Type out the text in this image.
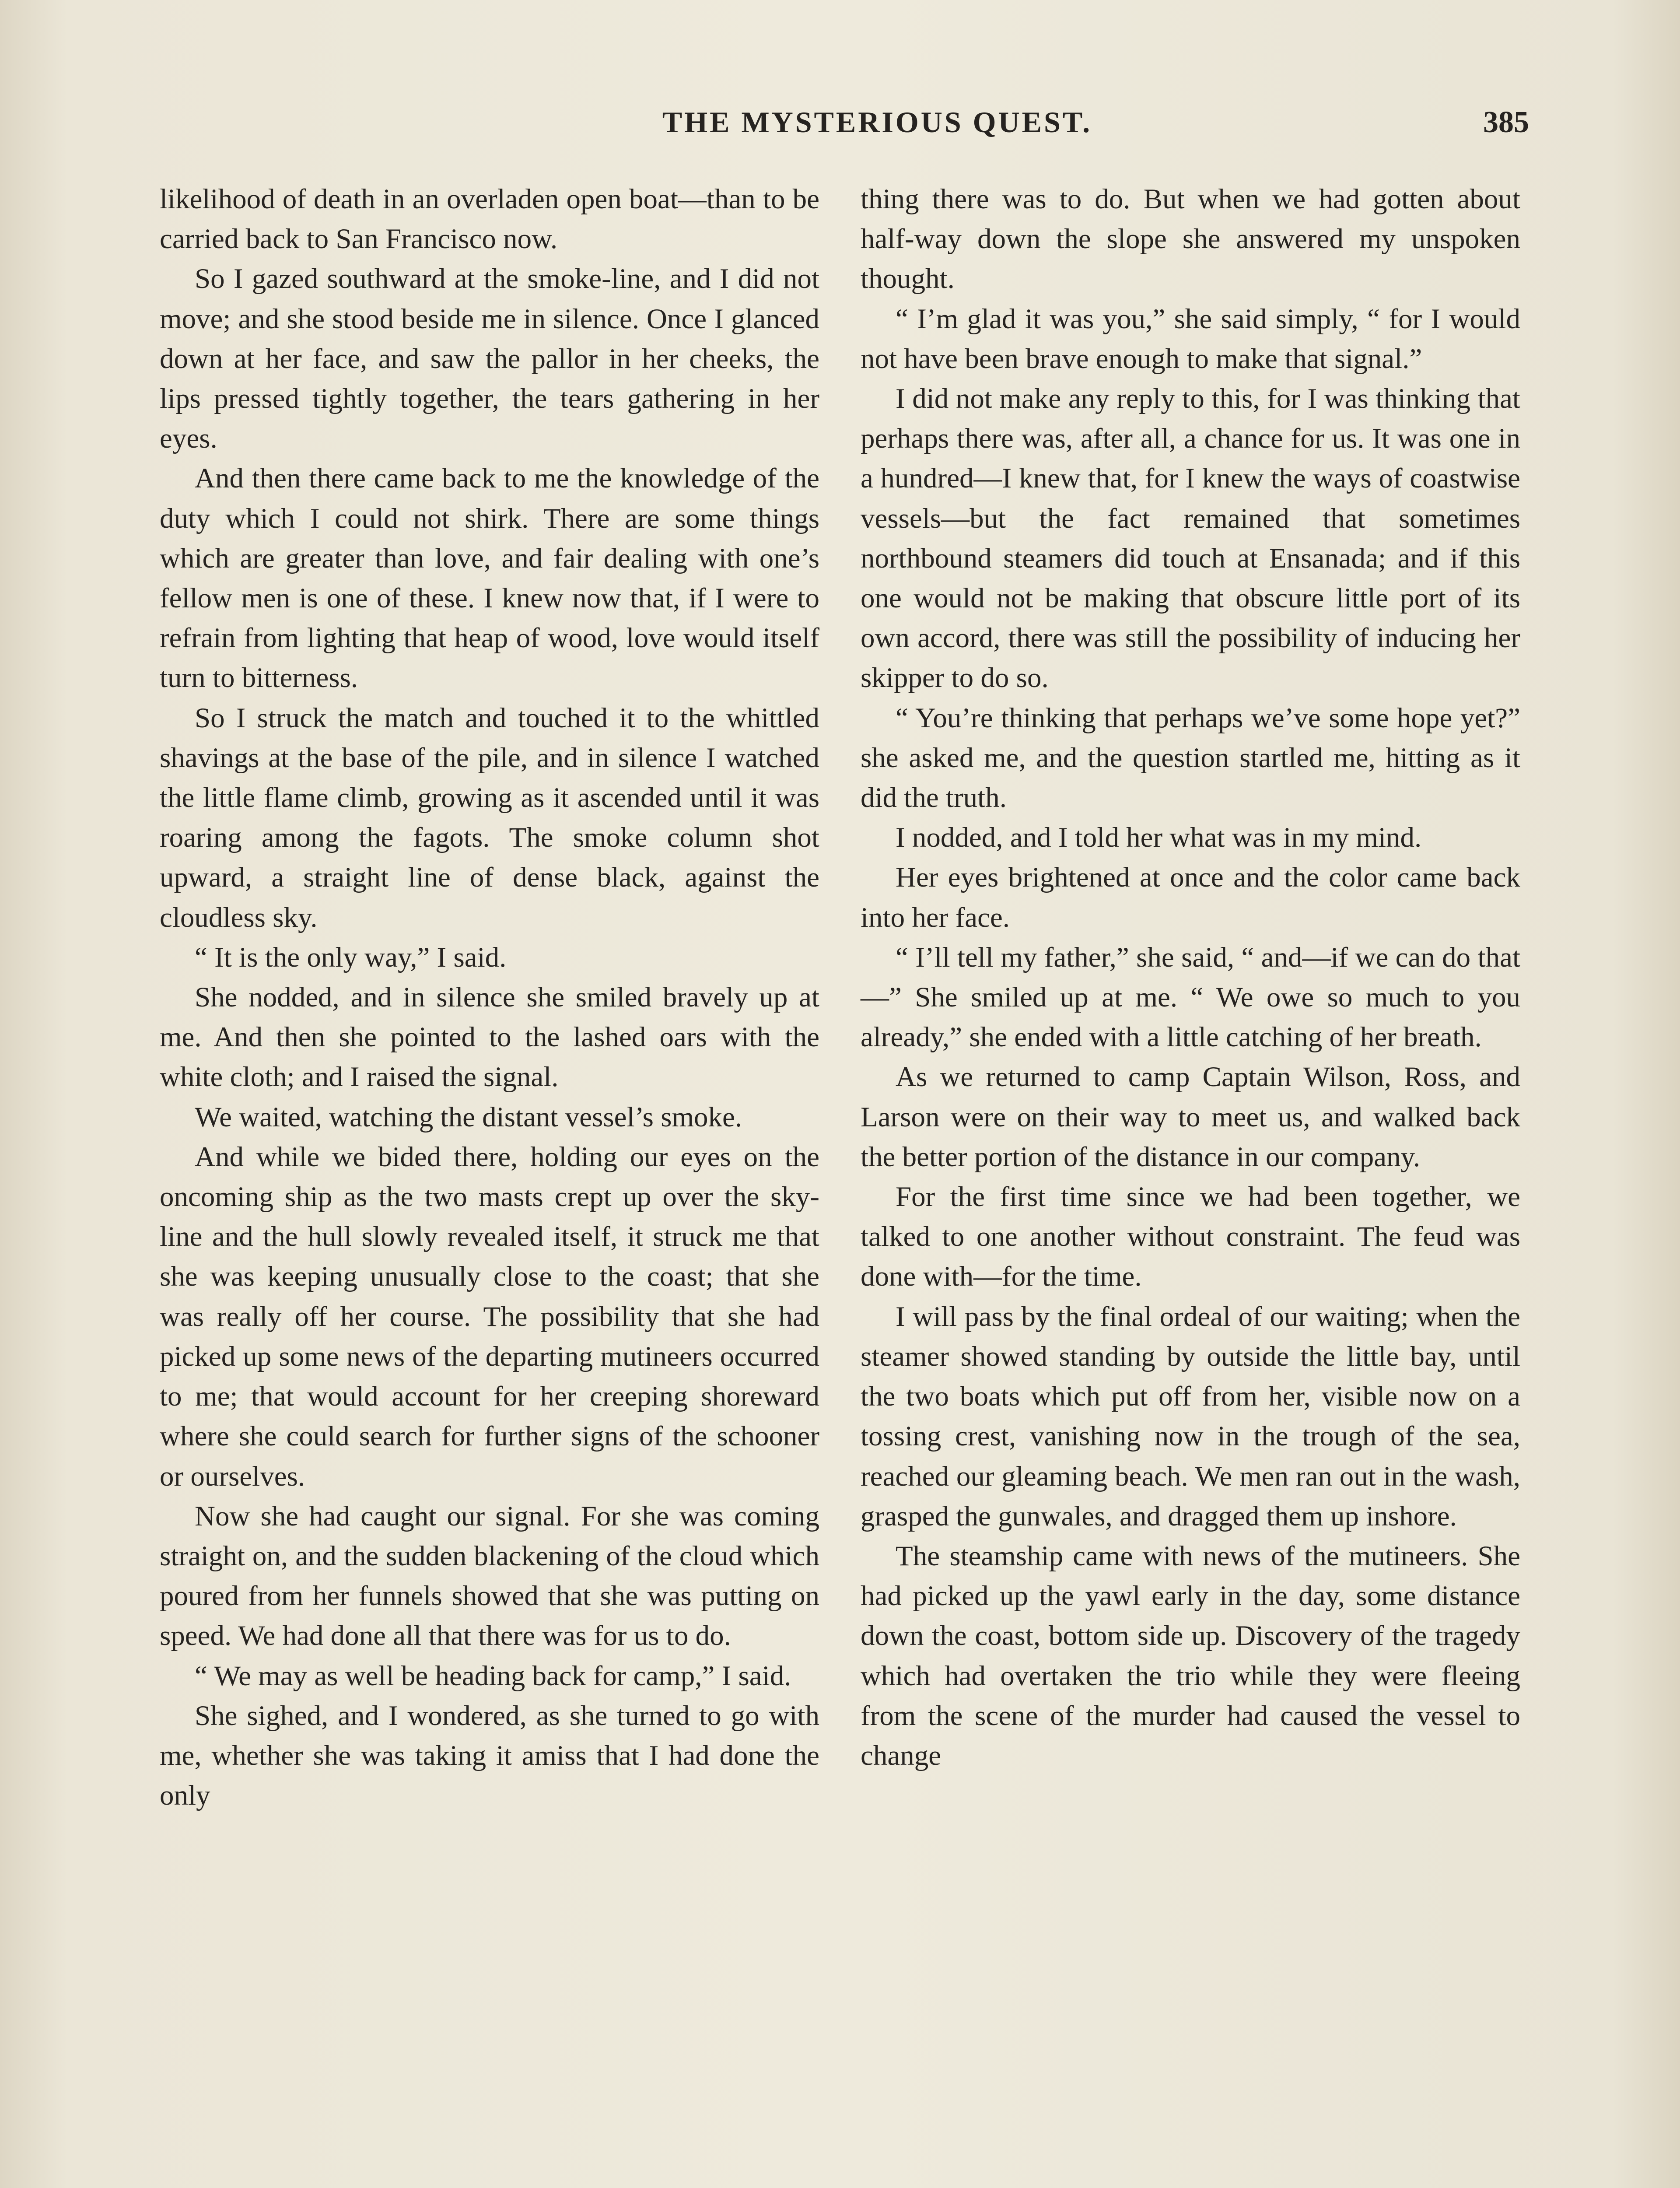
THE MYSTERIOUS QUEST.	385

likelihood of death in an overladen open boat—than to be carried back to San Francisco now.

So I gazed southward at the smoke-line, and I did not move; and she stood beside me in silence. Once I glanced down at her face, and saw the pallor in her cheeks, the lips pressed tightly together, the tears gathering in her eyes.

And then there came back to me the knowledge of the duty which I could not shirk. There are some things which are greater than love, and fair dealing with one’s fellow men is one of these. I knew now that, if I were to refrain from lighting that heap of wood, love would itself turn to bitterness.

So I struck the match and touched it to the whittled shavings at the base of the pile, and in silence I watched the little flame climb, growing as it ascended until it was roaring among the fagots. The smoke column shot upward, a straight line of dense black, against the cloudless sky.

“ It is the only way,” I said.

She nodded, and in silence she smiled bravely up at me. And then she pointed to the lashed oars with the white cloth; and I raised the signal.

We waited, watching the distant vessel’s smoke.

And while we bided there, holding our eyes on the oncoming ship as the two masts crept up over the sky-line and the hull slowly revealed itself, it struck me that she was keeping unusually close to the coast; that she was really off her course. The possibility that she had picked up some news of the departing mutineers occurred to me; that would account for her creeping shoreward where she could search for further signs of the schooner or ourselves.

Now she had caught our signal. For she was coming straight on, and the sudden blackening of the cloud which poured from her funnels showed that she was putting on speed. We had done all that there was for us to do.

“ We may as well be heading back for camp,” I said.

She sighed, and I wondered, as she turned to go with me, whether she was taking it amiss that I had done the only

thing there was to do. But when we had gotten about half-way down the slope she answered my unspoken thought.

“ I’m glad it was you,” she said simply, “ for I would not have been brave enough to make that signal.”

I did not make any reply to this, for I was thinking that perhaps there was, after all, a chance for us. It was one in a hundred—I knew that, for I knew the ways of coastwise vessels—but the fact remained that sometimes northbound steamers did touch at Ensanada; and if this one would not be making that obscure little port of its own accord, there was still the possibility of inducing her skipper to do so.

“ You’re thinking that perhaps we’ve some hope yet?” she asked me, and the question startled me, hitting as it did the truth.

I nodded, and I told her what was in my mind.

Her eyes brightened at once and the color came back into her face.

“ I’ll tell my father,” she said, “ and—if we can do that—” She smiled up at me. “ We owe so much to you already,” she ended with a little catching of her breath.

As we returned to camp Captain Wilson, Ross, and Larson were on their way to meet us, and walked back the better portion of the distance in our company.

For the first time since we had been together, we talked to one another without constraint. The feud was done with—for the time.

I will pass by the final ordeal of our waiting; when the steamer showed standing by outside the little bay, until the two boats which put off from her, visible now on a tossing crest, vanishing now in the trough of the sea, reached our gleaming beach. We men ran out in the wash, grasped the gunwales, and dragged them up inshore.

The steamship came with news of the mutineers. She had picked up the yawl early in the day, some distance down the coast, bottom side up. Discovery of the tragedy which had overtaken the trio while they were fleeing from the scene of the murder had caused the vessel to change
